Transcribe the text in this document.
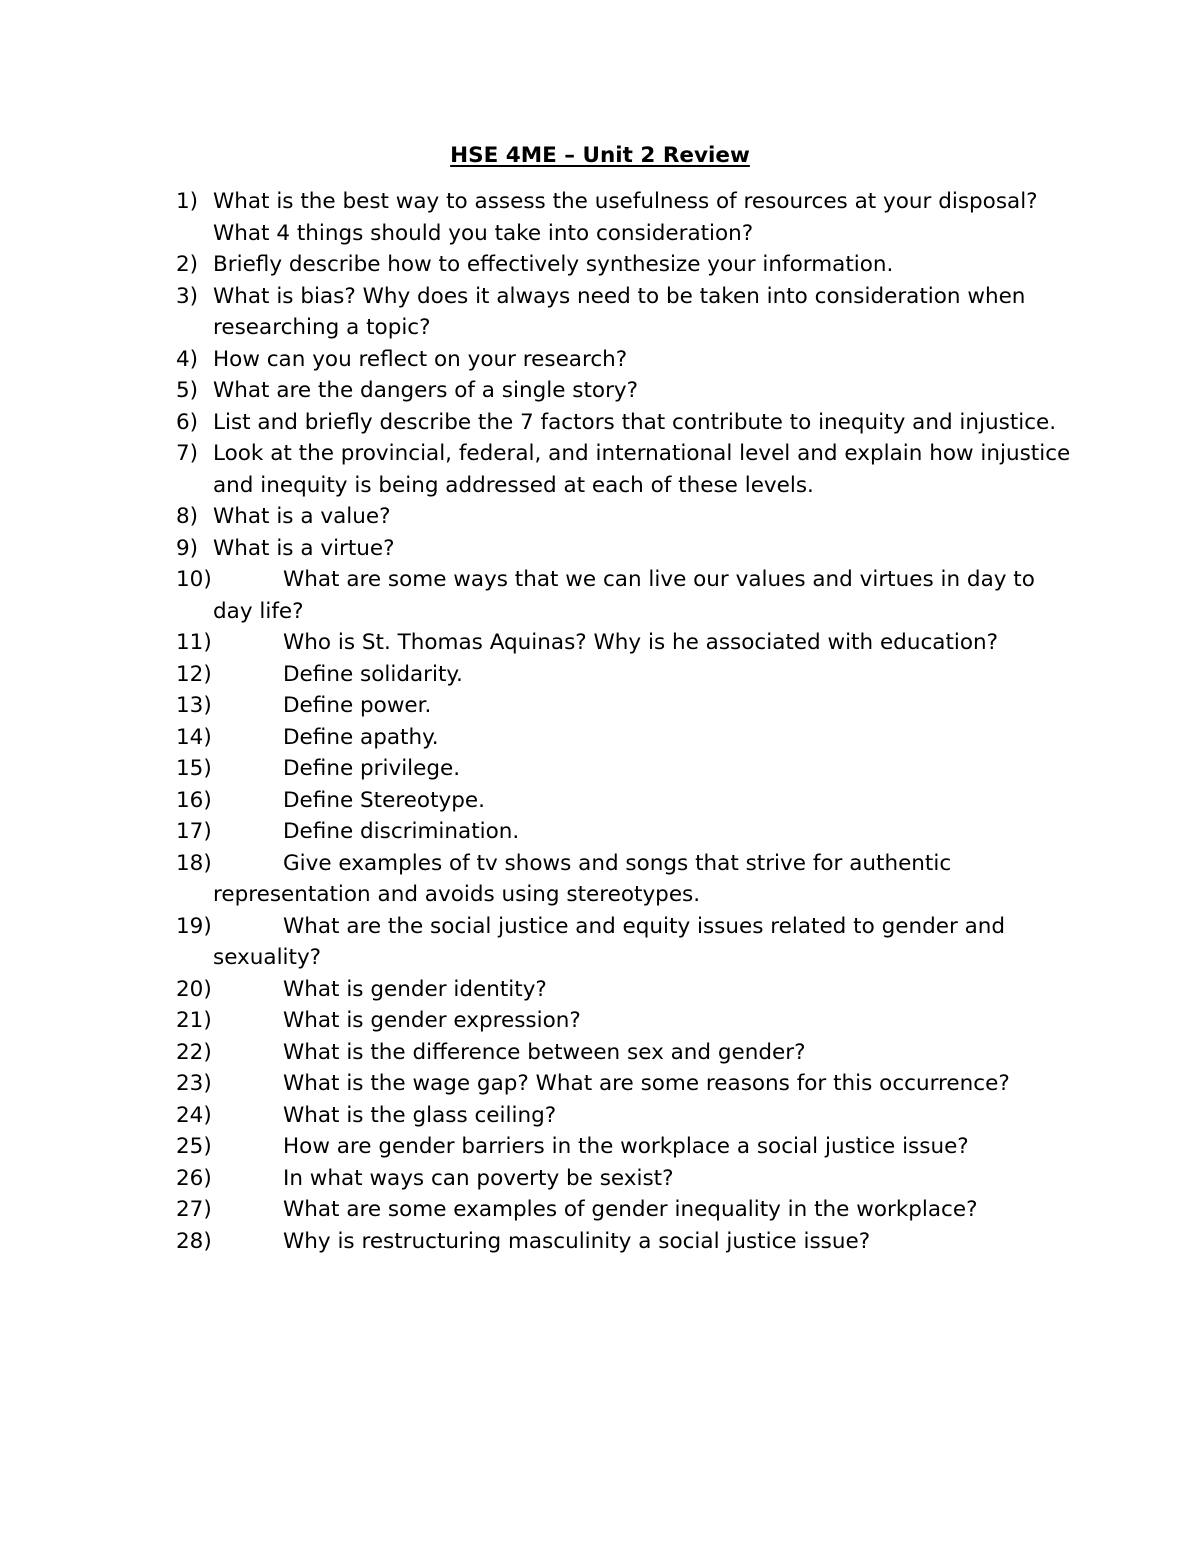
HSE 4ME – Unit 2 Review
1) What is the best way to assess the usefulness of resources at your disposal? What 4 things should you take into consideration?
2) Briefly describe how to effectively synthesize your information.
3) What is bias? Why does it always need to be taken into consideration when researching a topic?
4) How can you reflect on your research?
5) What are the dangers of a single story?
6) List and briefly describe the 7 factors that contribute to inequity and injustice.
7) Look at the provincial, federal, and international level and explain how injustice and inequity is being addressed at each of these levels.
8) What is a value?
9) What is a virtue?
10)	What are some ways that we can live our values and virtues in day to day life?
11)	Who is St. Thomas Aquinas? Why is he associated with education?
12)	Define solidarity.
13)	Define power.
14)	Define apathy.
15)	Define privilege.
16)	Define Stereotype.
17)	Define discrimination.
18)	Give examples of tv shows and songs that strive for authentic representation and avoids using stereotypes.
19)	What are the social justice and equity issues related to gender and sexuality?
20)	What is gender identity?
21)	What is gender expression?
22)	What is the difference between sex and gender?
23)	What is the wage gap? What are some reasons for this occurrence?
24)	What is the glass ceiling?
25)	How are gender barriers in the workplace a social justice issue?
26)	In what ways can poverty be sexist?
27)	What are some examples of gender inequality in the workplace?
28)	Why is restructuring masculinity a social justice issue?
